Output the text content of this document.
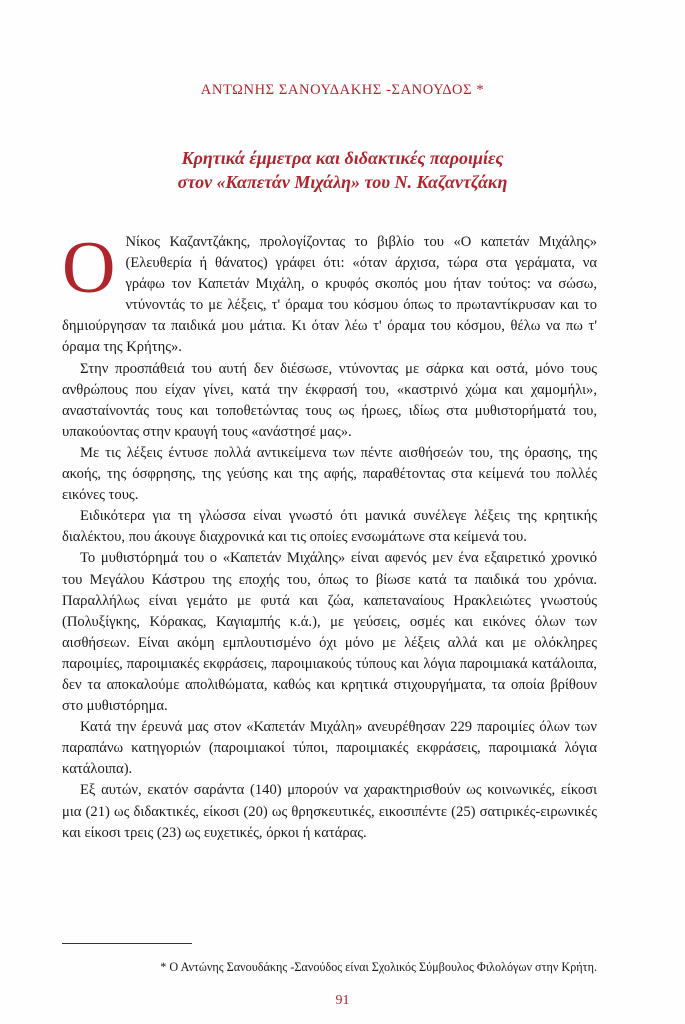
ΑΝΤΩΝΗΣ ΣΑΝΟΥΔΑΚΗΣ -ΣΑΝΟΥΔΟΣ *
Κρητικά έμμετρα και διδακτικές παροιμίες
στον «Καπετάν Μιχάλη» του Ν. Καζαντζάκη

Ο Νίκος Καζαντζάκης, προλογίζοντας το βιβλίο του «Ο καπετάν Μιχάλης» (Ελευθερία ή θάνατος) γράφει ότι: «όταν άρχισα, τώρα στα γεράματα, να γράφω τον Καπετάν Μιχάλη, ο κρυφός σκοπός μου ήταν τούτος: να σώσω, ντύνοντάς το με λέξεις, τ' όραμα του κόσμου όπως το πρωταντίκρυσαν και το δημιούργησαν τα παιδικά μου μάτια. Κι όταν λέω τ' όραμα του κόσμου, θέλω να πω τ' όραμα της Κρήτης».

Στην προσπάθειά του αυτή δεν διέσωσε, ντύνοντας με σάρκα και οστά, μόνο τους ανθρώπους που είχαν γίνει, κατά την έκφρασή του, «καστρινό χώμα και χαμομήλι», ανασταίνοντάς τους και τοποθετώντας τους ως ήρωες, ιδίως στα μυθιστορήματά του, υπακούοντας στην κραυγή τους «ανάστησέ μας».

Με τις λέξεις έντυσε πολλά αντικείμενα των πέντε αισθήσεών του, της όρασης, της ακοής, της όσφρησης, της γεύσης και της αφής, παραθέτοντας στα κείμενά του πολλές εικόνες τους.

Ειδικότερα για τη γλώσσα είναι γνωστό ότι μανικά συνέλεγε λέξεις της κρητικής διαλέκτου, που άκουγε διαχρονικά και τις οποίες ενσωμάτωνε στα κείμενά του.

Το μυθιστόρημά του ο «Καπετάν Μιχάλης» είναι αφενός μεν ένα εξαιρετικό χρονικό του Μεγάλου Κάστρου της εποχής του, όπως το βίωσε κατά τα παιδικά του χρόνια. Παραλλήλως είναι γεμάτο με φυτά και ζώα, καπεταναίους Ηρακλειώτες γνωστούς (Πολυξίγκης, Κόρακας, Καγιαμπής κ.ά.), με γεύσεις, οσμές και εικόνες όλων των αισθήσεων. Είναι ακόμη εμπλουτισμένο όχι μόνο με λέξεις αλλά και με ολόκληρες παροιμίες, παροιμιακές εκφράσεις, παροιμιακούς τύπους και λόγια παροιμιακά κατάλοιπα, δεν τα αποκαλούμε απολιθώματα, καθώς και κρητικά στιχουργήματα, τα οποία βρίθουν στο μυθιστόρημα.

Κατά την έρευνά μας στον «Καπετάν Μιχάλη» ανευρέθησαν 229 παροιμίες όλων των παραπάνω κατηγοριών (παροιμιακοί τύποι, παροιμιακές εκφράσεις, παροιμιακά λόγια κατάλοιπα).

Εξ αυτών, εκατόν σαράντα (140) μπορούν να χαρακτηρισθούν ως κοινωνικές, είκοσι μια (21) ως διδακτικές, είκοσι (20) ως θρησκευτικές, εικοσιπέντε (25) σατιρικές-ειρωνικές και είκοσι τρεις (23) ως ευχετικές, όρκοι ή κατάρας.

* Ο Αντώνης Σανουδάκης -Σανούδος είναι Σχολικός Σύμβουλος Φιλολόγων στην Κρήτη.
91
